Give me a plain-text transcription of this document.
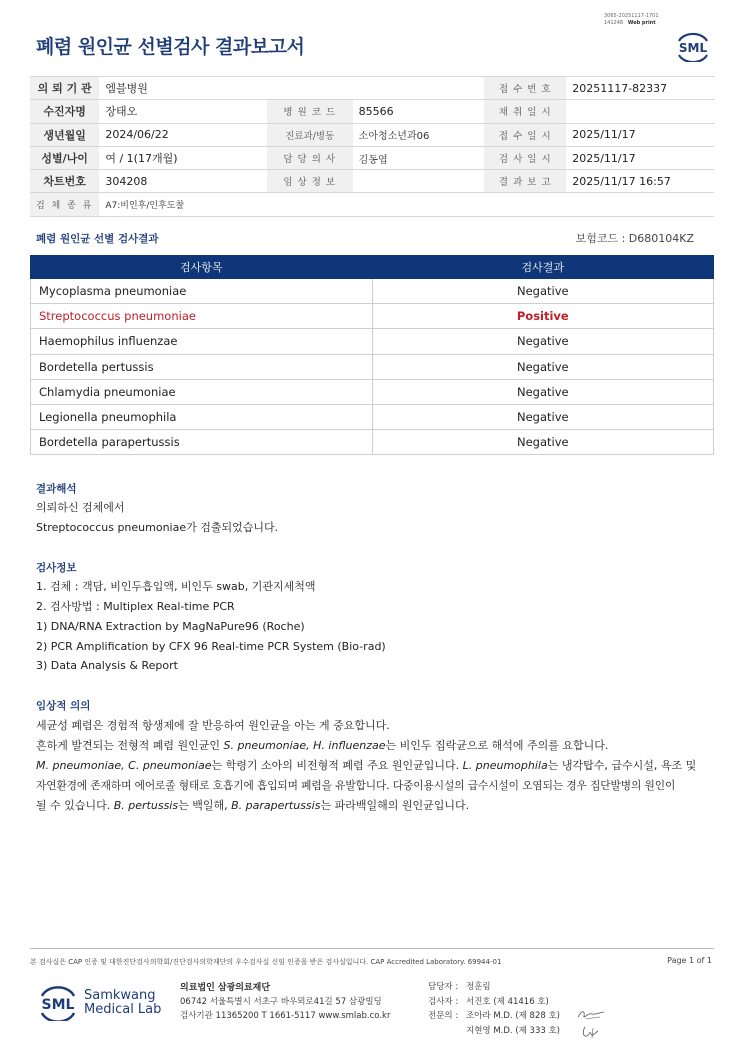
3065-20251117-1701
141248 Web print
폐렴 원인균 선별검사 결과보고서	SML
의 뢰 기 관	엠블병원			접 수 번 호	20251117-82337
수진자명	장태오	병 원 코 드	85566	채 취 일 시	
생년월일	2024/06/22	진료과/병동	소아청소년과06	접 수 일 시	2025/11/17
성별/나이	여 / 1(17개월)	담 당 의 사	김동엽	검 사 일 시	2025/11/17
차트번호	304208	임 상 정 보		결 과 보 고	2025/11/17 16:57
검 체 종 류	A7:비인후/인후도찰				
폐렴 원인균 선별 검사결과	보험코드 : D680104KZ
검사항목	검사결과
Mycoplasma pneumoniae	Negative
Streptococcus pneumoniae	Positive
Haemophilus influenzae	Negative
Bordetella pertussis	Negative
Chlamydia pneumoniae	Negative
Legionella pneumophila	Negative
Bordetella parapertussis	Negative
결과해석
의뢰하신 검체에서
Streptococcus pneumoniae가 검출되었습니다.
검사정보
1. 검체 : 객담, 비인두흡입액, 비인두 swab, 기관지세척액
2. 검사방법 : Multiplex Real-time PCR
1) DNA/RNA Extraction by MagNaPure96 (Roche)
2) PCR Amplification by CFX 96 Real-time PCR System (Bio-rad)
3) Data Analysis & Report
임상적 의의
세균성 폐렴은 경험적 항생제에 잘 반응하여 원인균을 아는 게 중요합니다.
흔하게 발견되는 전형적 폐렴 원인균인 S. pneumoniae, H. influenzae는 비인두 집락균으로 해석에 주의를 요합니다.
M. pneumoniae, C. pneumoniae는 학령기 소아의 비전형적 폐렴 주요 원인균입니다. L. pneumophila는 냉각탑수, 급수시설, 욕조 및
자연환경에 존재하며 에어로졸 형태로 호흡기에 흡입되며 폐렴을 유발합니다. 다중이용시설의 급수시설이 오염되는 경우 집단발병의 원인이
될 수 있습니다. B. pertussis는 백일해, B. parapertussis는 파라백일해의 원인균입니다.
본 검사실은 CAP 인증 및 대한진단검사의학회/진단검사의학재단의 우수검사실 신임 인증을 받은 검사실입니다. CAP Accredited Laboratory. 69944-01	Page 1 of 1
SML
Samkwang
Medical Lab
의료법인 삼광의료재단
06742 서울특별시 서초구 바우뫼로41길 57 삼광빌딩
검사기관 11365200 T 1661-5117 www.smlab.co.kr
담당자 : 정훈림
검사자 : 서진호 (제 41416 호)
전문의 : 조아라 M.D. (제 828 호)
지현영 M.D. (제 333 호)
